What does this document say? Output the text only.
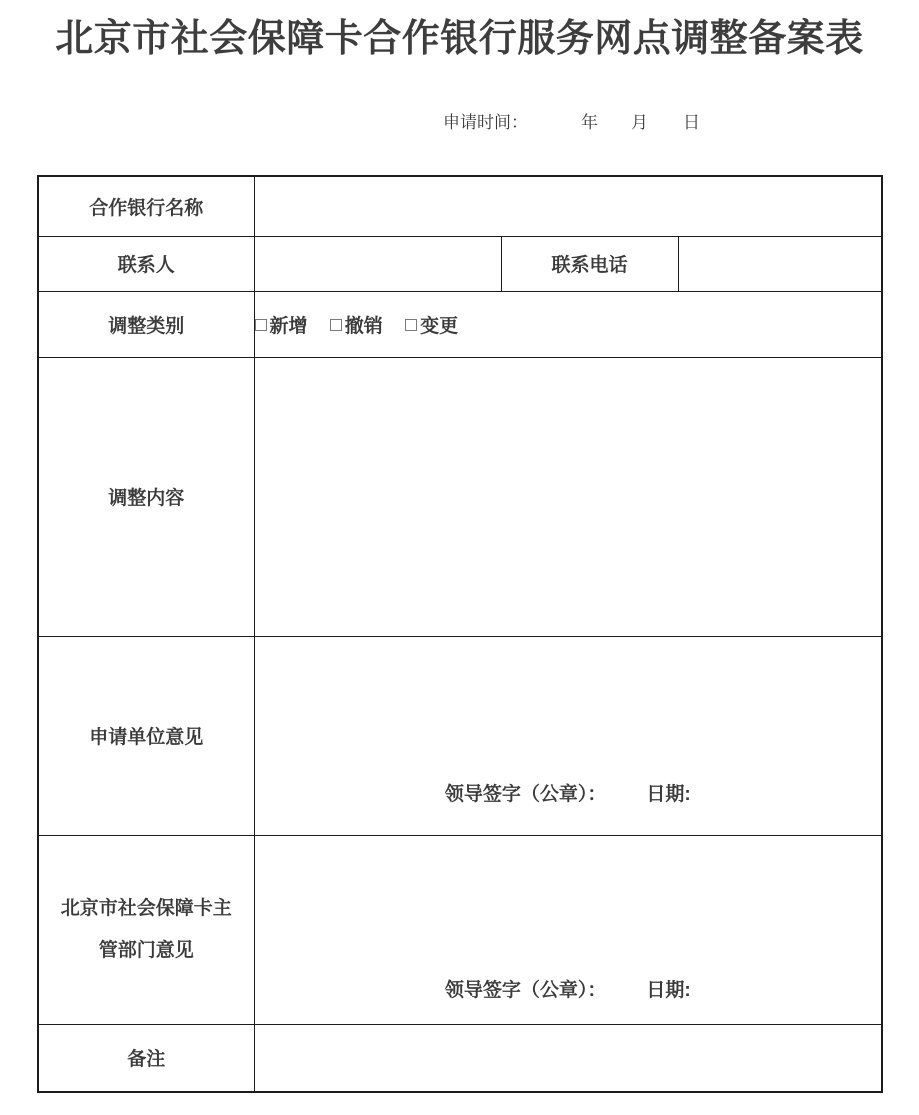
北京市社会保障卡合作银行服务网点调整备案表
申请时间：	年 月 日
合作银行名称			
联系人		联系电话	
调整类别	新增 撤销 变更		
调整内容			
申请单位意见	领导签字（公章）： 日期:		

北京市社会保障卡主
管部门意见	领导签字（公章）： 日期:		
备注			
